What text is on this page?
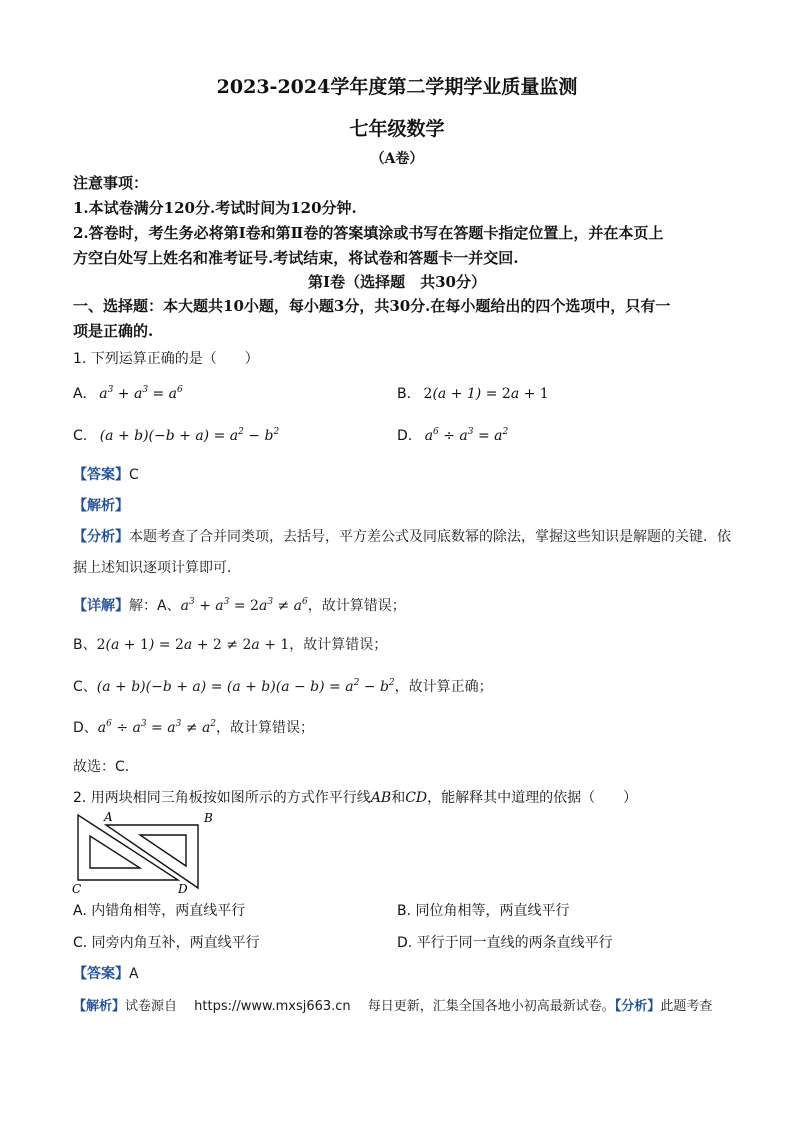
2023-2024学年度第二学期学业质量监测
七年级数学
（A卷）
注意事项：
1.本试卷满分120分.考试时间为120分钟.
2.答卷时，考生务必将第Ⅰ卷和第Ⅱ卷的答案填涂或书写在答题卡指定位置上，并在本页上
方空白处写上姓名和准考证号.考试结束，将试卷和答题卡一并交回.
第Ⅰ卷（选择题　共30分）
一、选择题：本大题共10小题，每小题3分，共30分.在每小题给出的四个选项中，只有一
项是正确的.
1. 下列运算正确的是（　　）
A. $a^3 + a^3 = a^6$	B. 2(a + 1) = 2a + 1
C. $(a + b)(-b + a) = a^2 - b^2$	D. $a^6 \div a^3 = a^2$
【答案】C
【解析】
【分析】本题考查了合并同类项，去括号，平方差公式及同底数幂的除法，掌握这些知识是解题的关键．依
据上述知识逐项计算即可．
【详解】解：A、$a^3 + a^3 = 2a^3 \ne a^6$，故计算错误；
B、2(a + 1) = 2a + 2 ≠ 2a + 1，故计算错误；
C、$(a + b)(-b + a) = (a + b)(a - b) = a^2 - b^2$，故计算正确；
D、$a^6 \div a^3 = a^3 \ne a^2$，故计算错误；
故选：C．
2. 用两块相同三角板按如图所示的方式作平行线AB和CD，能解释其中道理的依据（　　）
A	B
C	D
A. 内错角相等，两直线平行	B. 同位角相等，两直线平行
C. 同旁内角互补，两直线平行	D. 平行于同一直线的两条直线平行
【答案】A
【解析】试卷源自　 https://www.mxsj663.cn　 每日更新，汇集全国各地小初高最新试卷。【分析】此题考查
